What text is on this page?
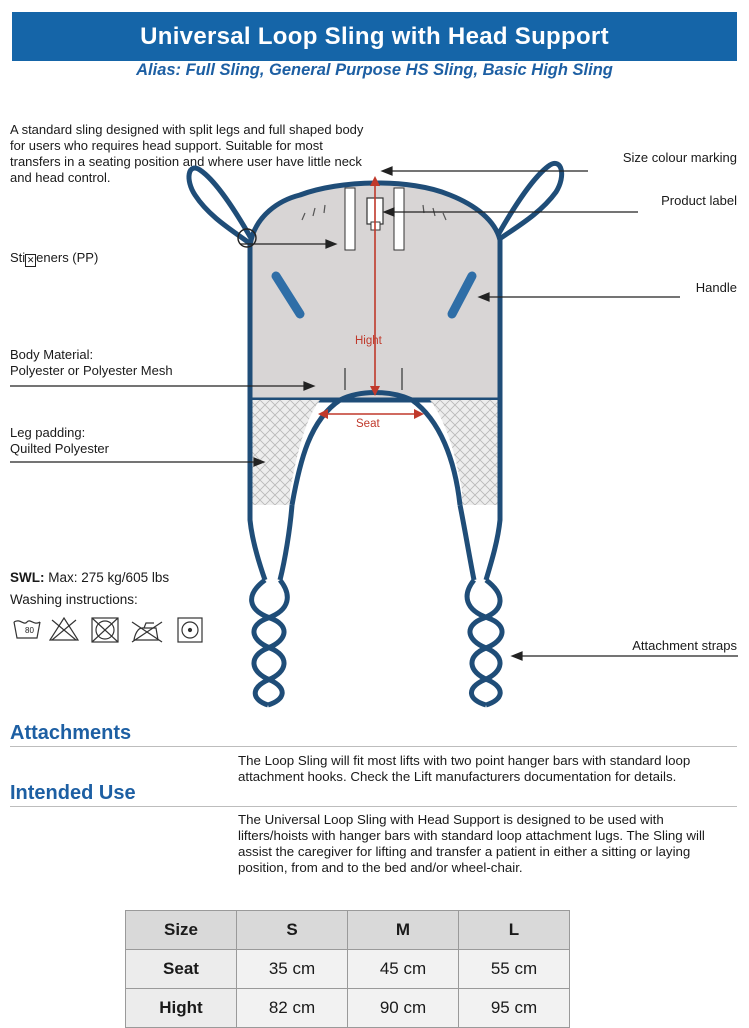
Universal Loop Sling with Head Support
Alias: Full Sling, General Purpose HS Sling, Basic High Sling
A standard sling designed with split legs and full shaped body for users who requires head support. Suitable for most transfers in a seating position and where user have little neck and head control.
Sti ✕ eners (PP)
Body Material:
Polyester or Polyester Mesh
Leg padding:
Quilted Polyester
Size colour marking
Product label
Handle
Attachment straps
Hight
Seat
SWL: Max: 275 kg/605 lbs
Washing instructions:
80
Attachments
The Loop Sling will fit most lifts with two point hanger bars with standard loop attachment hooks. Check the Lift manufacturers documentation for details.
Intended Use
The Universal Loop Sling with Head Support is designed to be used with lifters/hoists with hanger bars with standard loop attachment lugs. The Sling will assist the caregiver for lifting and transfer a patient in either a sitting or laying position, from and to the bed and/or wheel-chair.
Size	S	M	L
Seat	35 cm	45 cm	55 cm
Hight	82 cm	90 cm	95 cm
